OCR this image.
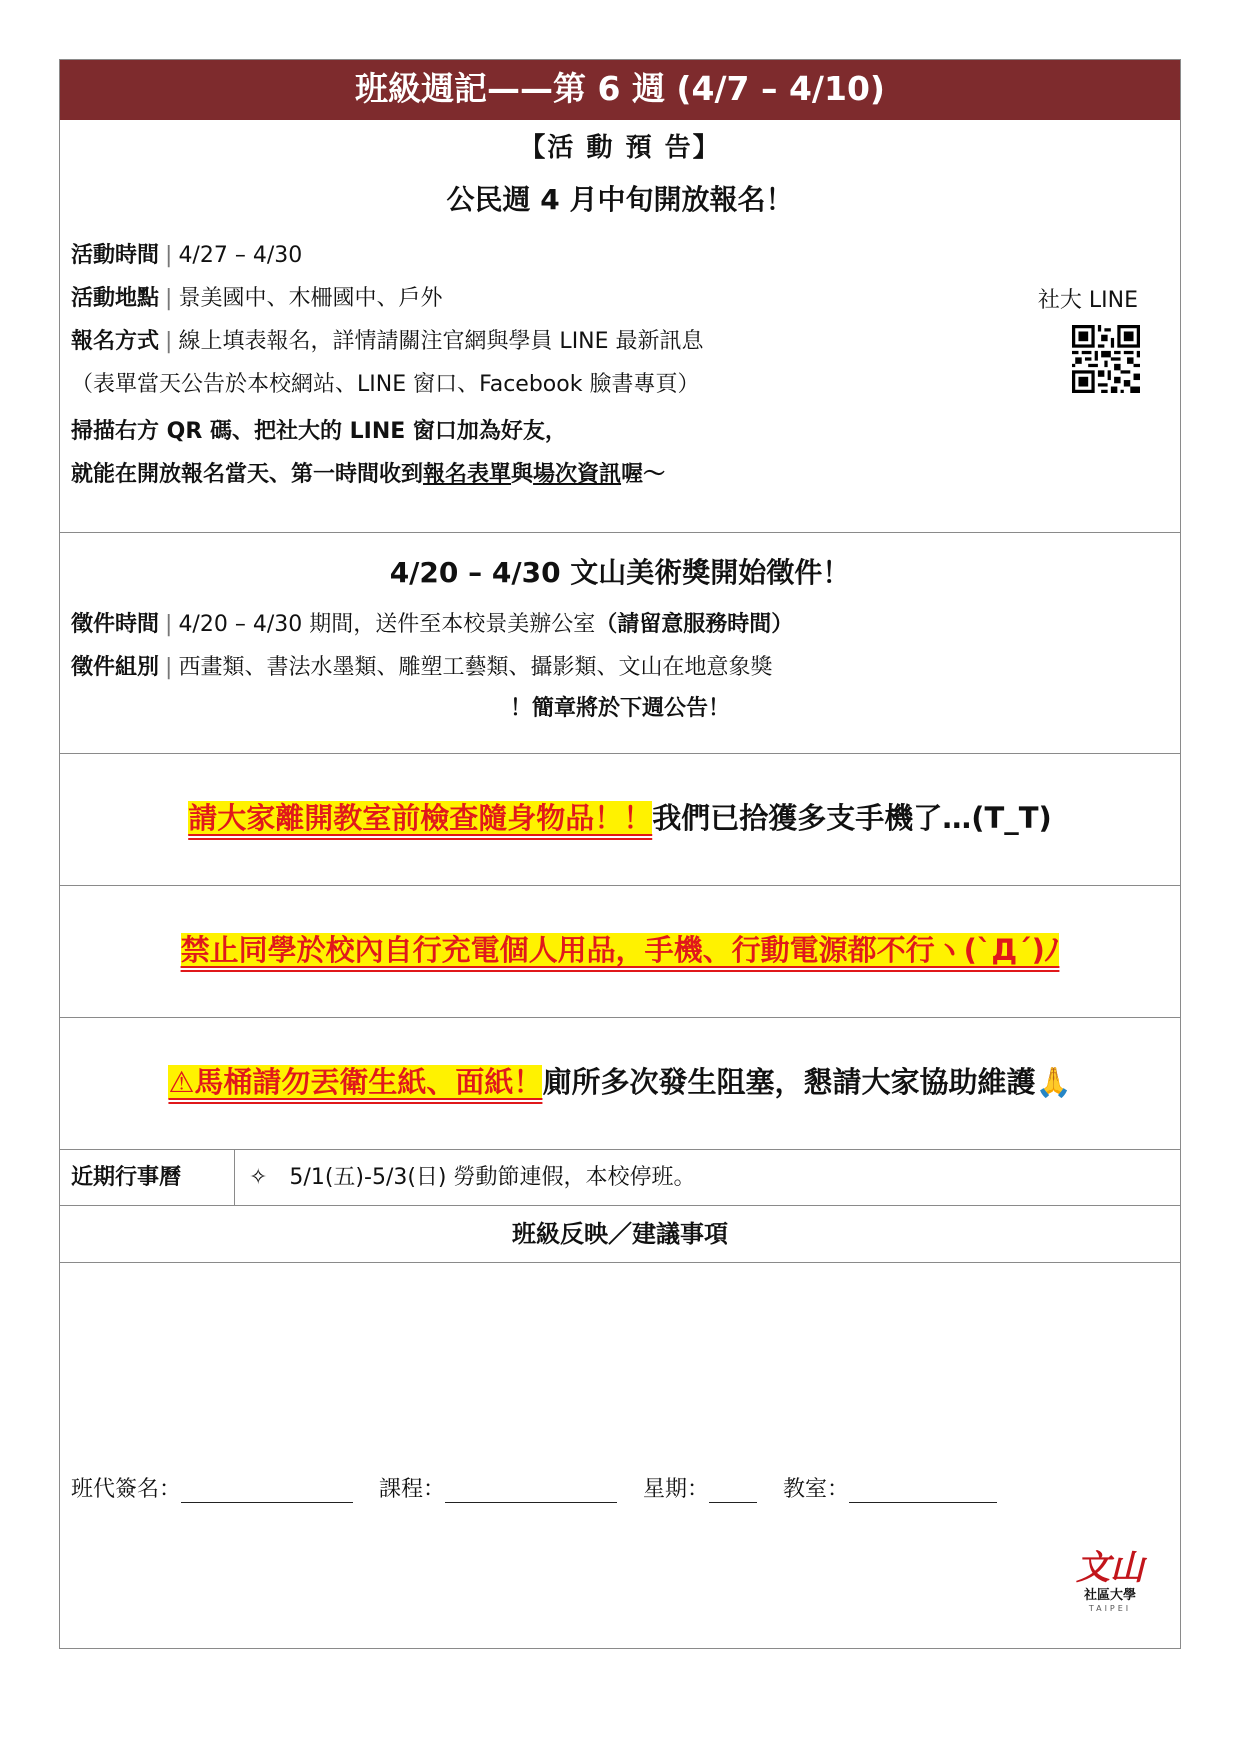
班級週記——第 6 週 (4/7 – 4/10)
【活 動 預 告】
公民週 4 月中旬開放報名！
活動時間 | 4/27 – 4/30
活動地點 | 景美國中、木柵國中、戶外
報名方式 | 線上填表報名，詳情請關注官網與學員 LINE 最新訊息
（表單當天公告於本校網站、LINE 窗口、Facebook 臉書專頁）
掃描右方 QR 碼、把社大的 LINE 窗口加為好友，
就能在開放報名當天、第一時間收到報名表單與場次資訊喔～
社大 LINE
4/20 – 4/30 文山美術獎開始徵件！
徵件時間 | 4/20 – 4/30 期間，送件至本校景美辦公室（請留意服務時間）
徵件組別 | 西畫類、書法水墨類、雕塑工藝類、攝影類、文山在地意象獎
！簡章將於下週公告！
請大家離開教室前檢查隨身物品！！我們已拾獲多支手機了…(T_T)
禁止同學於校內自行充電個人用品，手機、行動電源都不行ヽ(`Д´)ﾉ
⚠馬桶請勿丟衛生紙、面紙！廁所多次發生阻塞，懇請大家協助維護🙏
近期行事曆	✧　5/1(五)-5/3(日) 勞動節連假，本校停班。
班級反映／建議事項
班代簽名：	課程：	星期：	教室：
文山
社區大學
TAIPEI
